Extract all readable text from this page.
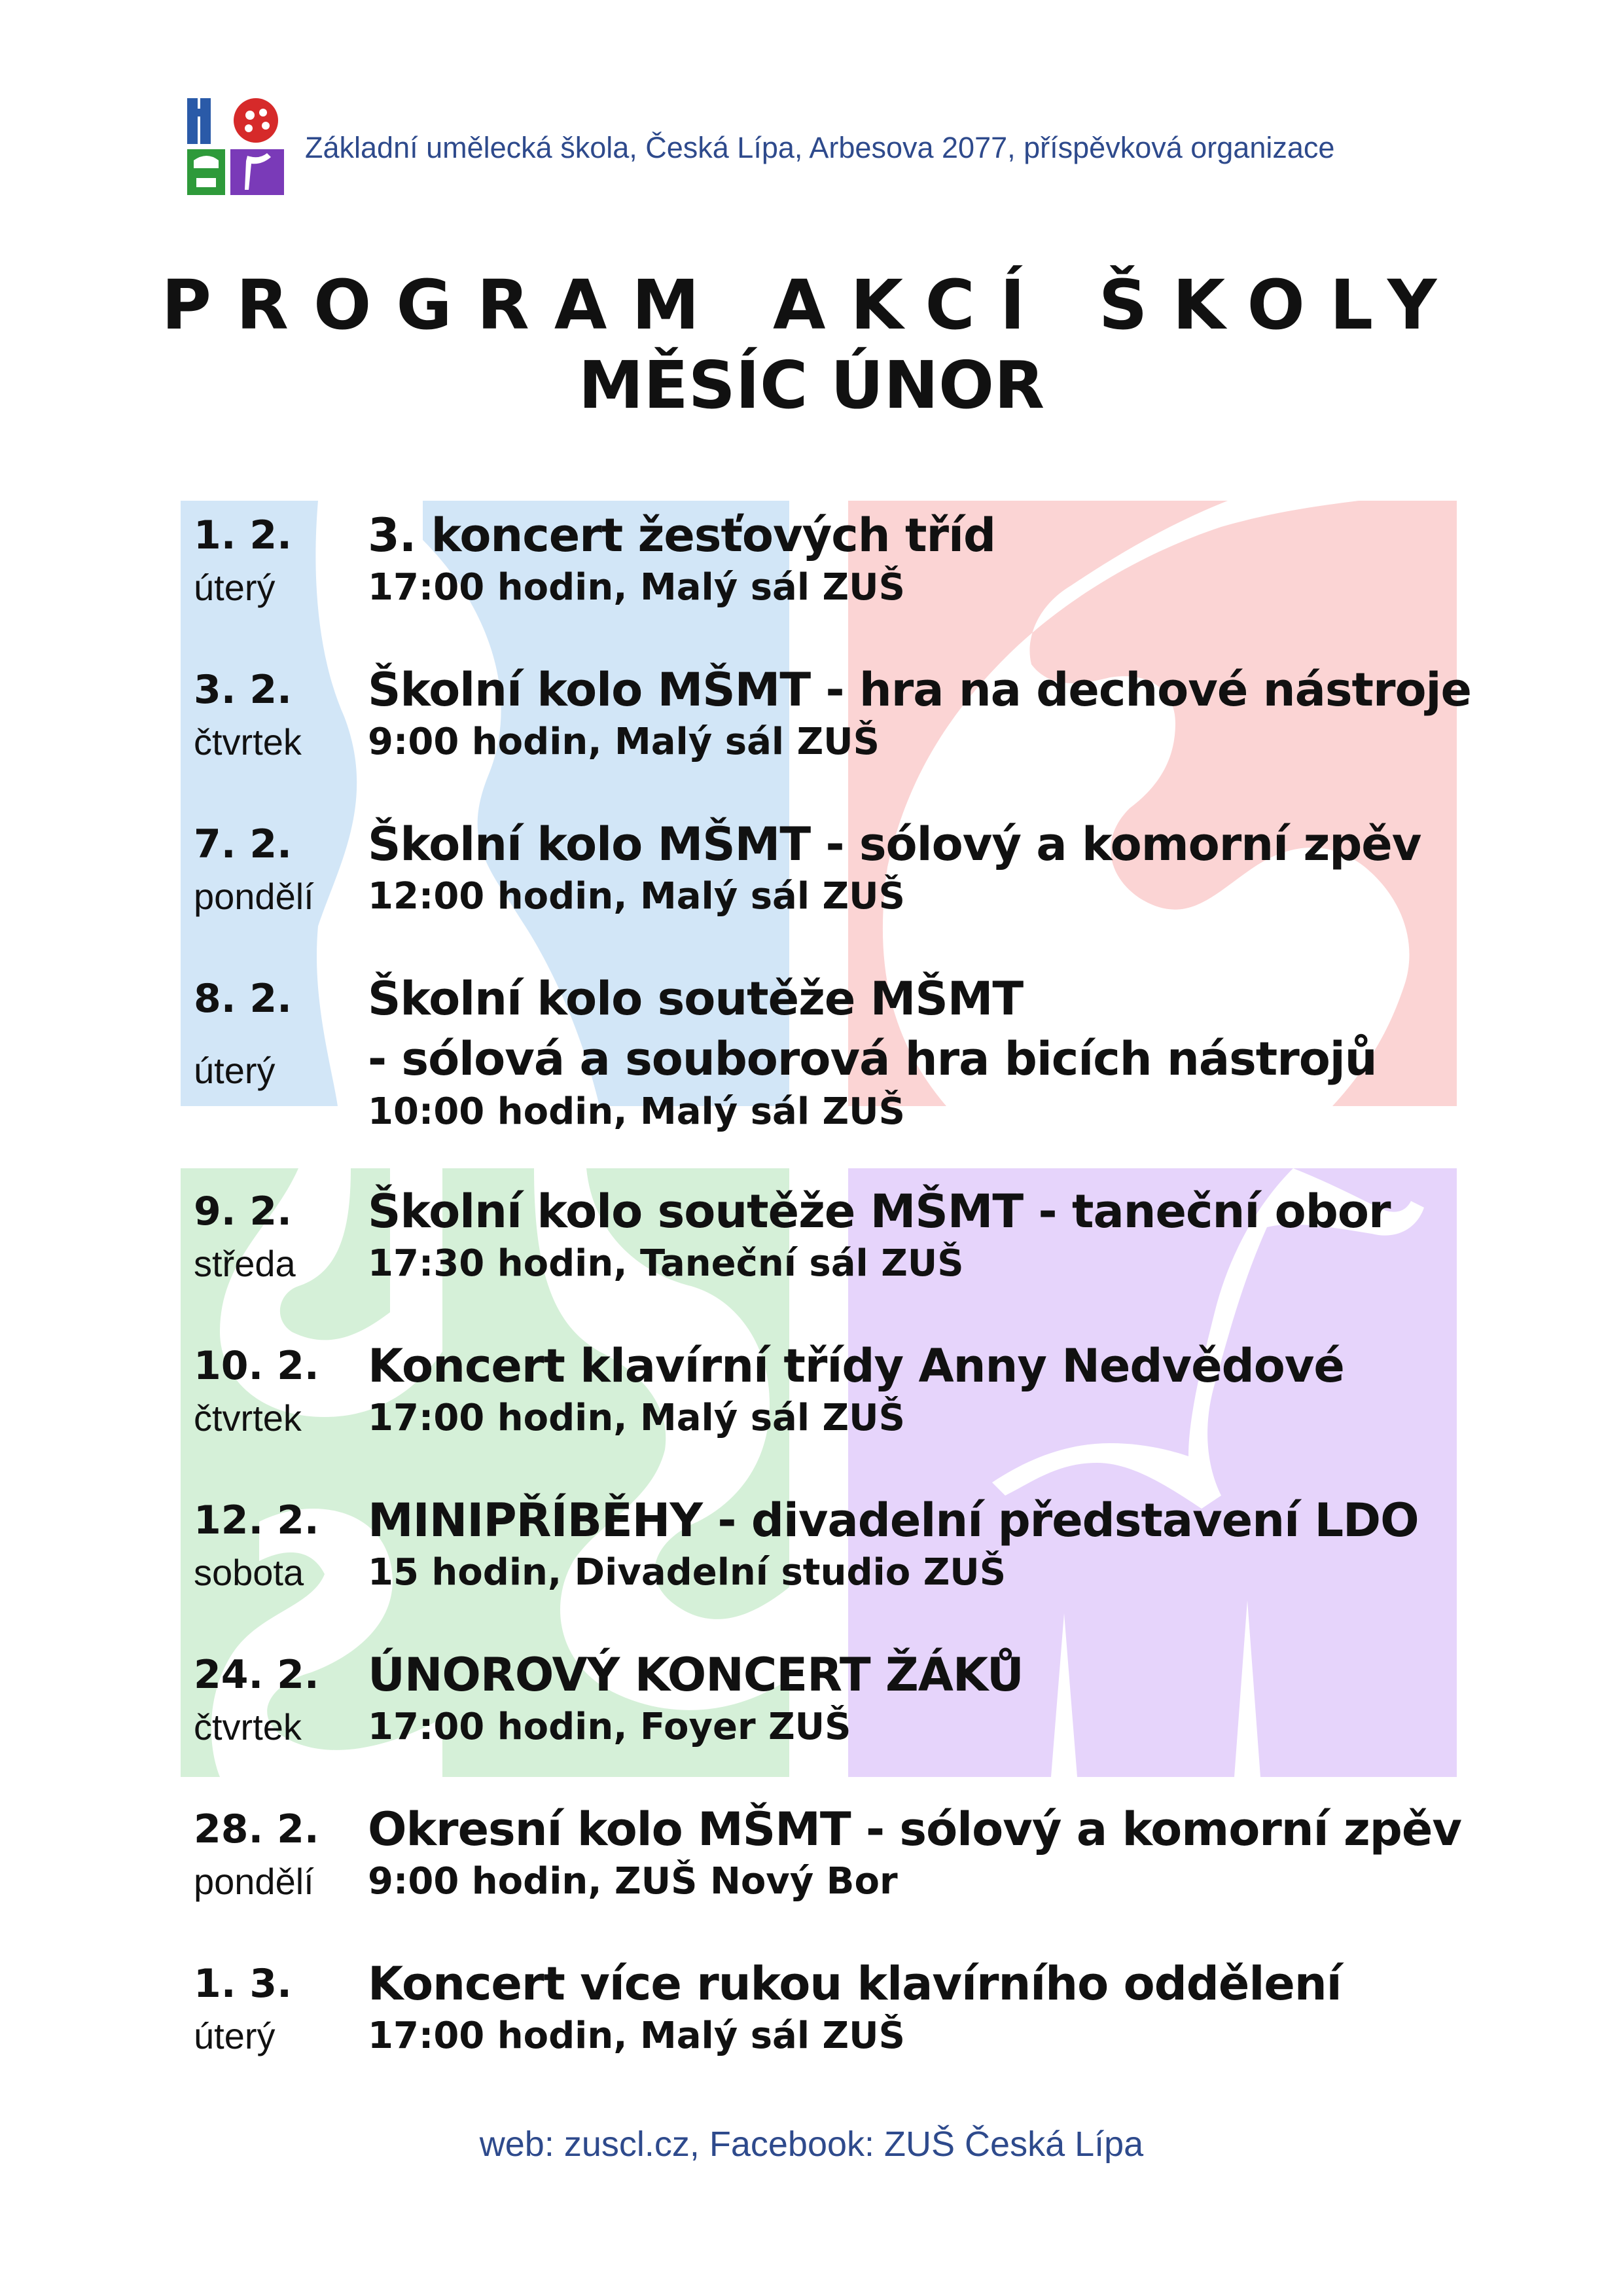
Základní umělecká škola, Česká Lípa, Arbesova 2077, příspěvková organizace
PROGRAM AKCÍ ŠKOLY
MĚSÍC ÚNOR
1. 2.
úterý
3. koncert žesťových tříd
17:00 hodin, Malý sál ZUŠ
3. 2.
čtvrtek
Školní kolo MŠMT - hra na dechové nástroje
9:00 hodin, Malý sál ZUŠ
7. 2.
pondělí
Školní kolo MŠMT - sólový a komorní zpěv
12:00 hodin, Malý sál ZUŠ
8. 2.
úterý
Školní kolo soutěže MŠMT
- sólová a souborová hra bicích nástrojů
10:00 hodin, Malý sál ZUŠ
9. 2.
středa
Školní kolo soutěže MŠMT - taneční obor
17:30 hodin, Taneční sál ZUŠ
10. 2.
čtvrtek
Koncert klavírní třídy Anny Nedvědové
17:00 hodin, Malý sál ZUŠ
12. 2.
sobota
MINIPŘÍBĚHY - divadelní představení LDO
15 hodin, Divadelní studio ZUŠ
24. 2.
čtvrtek
ÚNOROVÝ KONCERT ŽÁKŮ
17:00 hodin, Foyer ZUŠ
28. 2.
pondělí
Okresní kolo MŠMT - sólový a komorní zpěv
9:00 hodin, ZUŠ Nový Bor
1. 3.
úterý
Koncert více rukou klavírního oddělení
17:00 hodin, Malý sál ZUŠ
web: zuscl.cz, Facebook: ZUŠ Česká Lípa
